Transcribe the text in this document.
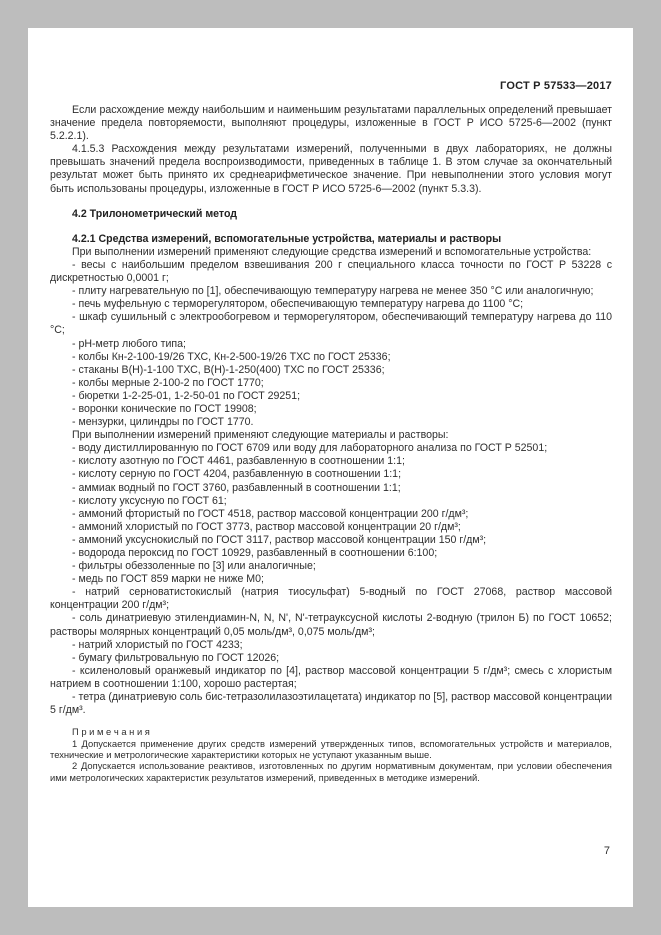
ГОСТ Р 57533—2017

Если расхождение между наибольшим и наименьшим результатами параллельных определений превышает значение предела повторяемости, выполняют процедуры, изложенные в ГОСТ Р ИСО 5725-6—2002 (пункт 5.2.2.1).

4.1.5.3 Расхождения между результатами измерений, полученными в двух лабораториях, не должны превышать значений предела воспроизводимости, приведенных в таблице 1. В этом случае за окончательный результат может быть принято их среднеарифметическое значение. При невыполнении этого условия могут быть использованы процедуры, изложенные в ГОСТ Р ИСО 5725-6—2002 (пункт 5.3.3).

4.2 Трилонометрический метод

4.2.1 Средства измерений, вспомогательные устройства, материалы и растворы

При выполнении измерений применяют следующие средства измерений и вспомогательные устройства:

- весы с наибольшим пределом взвешивания 200 г специального класса точности по ГОСТ Р 53228 с дискретностью 0,0001 г;

- плиту нагревательную по [1], обеспечивающую температуру нагрева не менее 350 °С или аналогичную;

- печь муфельную с терморегулятором, обеспечивающую температуру нагрева до 1100 °С;

- шкаф сушильный с электрообогревом и терморегулятором, обеспечивающий температуру нагрева до 110 °С;

- рН-метр любого типа;

- колбы Кн-2-100-19/26 ТХС, Кн-2-500-19/26 ТХС по ГОСТ 25336;

- стаканы В(Н)-1-100 ТХС, В(Н)-1-250(400) ТХС по ГОСТ 25336;

- колбы мерные 2-100-2 по ГОСТ 1770;

- бюретки 1-2-25-01, 1-2-50-01 по ГОСТ 29251;

- воронки конические по ГОСТ 19908;

- мензурки, цилиндры по ГОСТ 1770.

При выполнении измерений применяют следующие материалы и растворы:

- воду дистиллированную по ГОСТ 6709 или воду для лабораторного анализа по ГОСТ Р 52501;

- кислоту азотную по ГОСТ 4461, разбавленную в соотношении 1:1;

- кислоту серную по ГОСТ 4204, разбавленную в соотношении 1:1;

- аммиак водный по ГОСТ 3760, разбавленный в соотношении 1:1;

- кислоту уксусную по ГОСТ 61;

- аммоний фтористый по ГОСТ 4518, раствор массовой концентрации 200 г/дм³;

- аммоний хлористый по ГОСТ 3773, раствор массовой концентрации 20 г/дм³;

- аммоний уксуснокислый по ГОСТ 3117, раствор массовой концентрации 150 г/дм³;

- водорода пероксид по ГОСТ 10929, разбавленный в соотношении 6:100;

- фильтры обеззоленные по [3] или аналогичные;

- медь по ГОСТ 859 марки не ниже М0;

- натрий серноватистокислый (натрия тиосульфат) 5-водный по ГОСТ 27068, раствор массовой концентрации 200 г/дм³;

- соль динатриевую этилендиамин-N, N, N', N'-тетрауксусной кислоты 2-водную (трилон Б) по ГОСТ 10652; растворы молярных концентраций 0,05 моль/дм³, 0,075 моль/дм³;

- натрий хлористый по ГОСТ 4233;

- бумагу фильтровальную по ГОСТ 12026;

- ксиленоловый оранжевый индикатор по [4], раствор массовой концентрации 5 г/дм³; смесь с хлористым натрием в соотношении 1:100, хорошо растертая;

- тетра (динатриевую соль бис-тетразолилазоэтилацетата) индикатор по [5], раствор массовой концентрации 5 г/дм³.

П р и м е ч а н и я

1 Допускается применение других средств измерений утвержденных типов, вспомогательных устройств и материалов, технические и метрологические характеристики которых не уступают указанным выше.

2 Допускается использование реактивов, изготовленных по другим нормативным документам, при условии обеспечения ими метрологических характеристик результатов измерений, приведенных в методике измерений.

7
